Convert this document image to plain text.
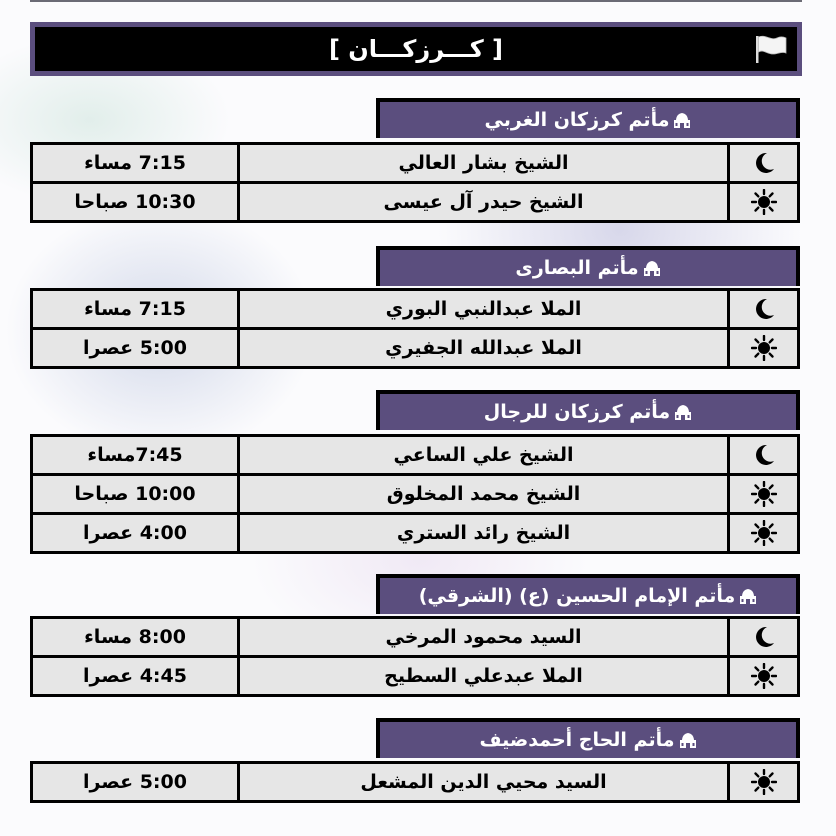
[ كـــرزكـــان ]
مأتم كرزكان الغربي
7:15 مساء	الشيخ بشار العالي
10:30 صباحا	الشيخ حيدر آل عيسى
مأتم البصارى
7:15 مساء	الملا عبدالنبي البوري
5:00 عصرا	الملا عبدالله الجفيري
مأتم كرزكان للرجال
7:45مساء	الشيخ علي الساعي
10:00 صباحا	الشيخ محمد المخلوق
4:00 عصرا	الشيخ رائد الستري
مأتم الإمام الحسين (ع) (الشرقي)
8:00 مساء	السيد محمود المرخي
4:45 عصرا	الملا عبدعلي السطيح
مأتم الحاج أحمدضيف
5:00 عصرا	السيد محيي الدين المشعل
